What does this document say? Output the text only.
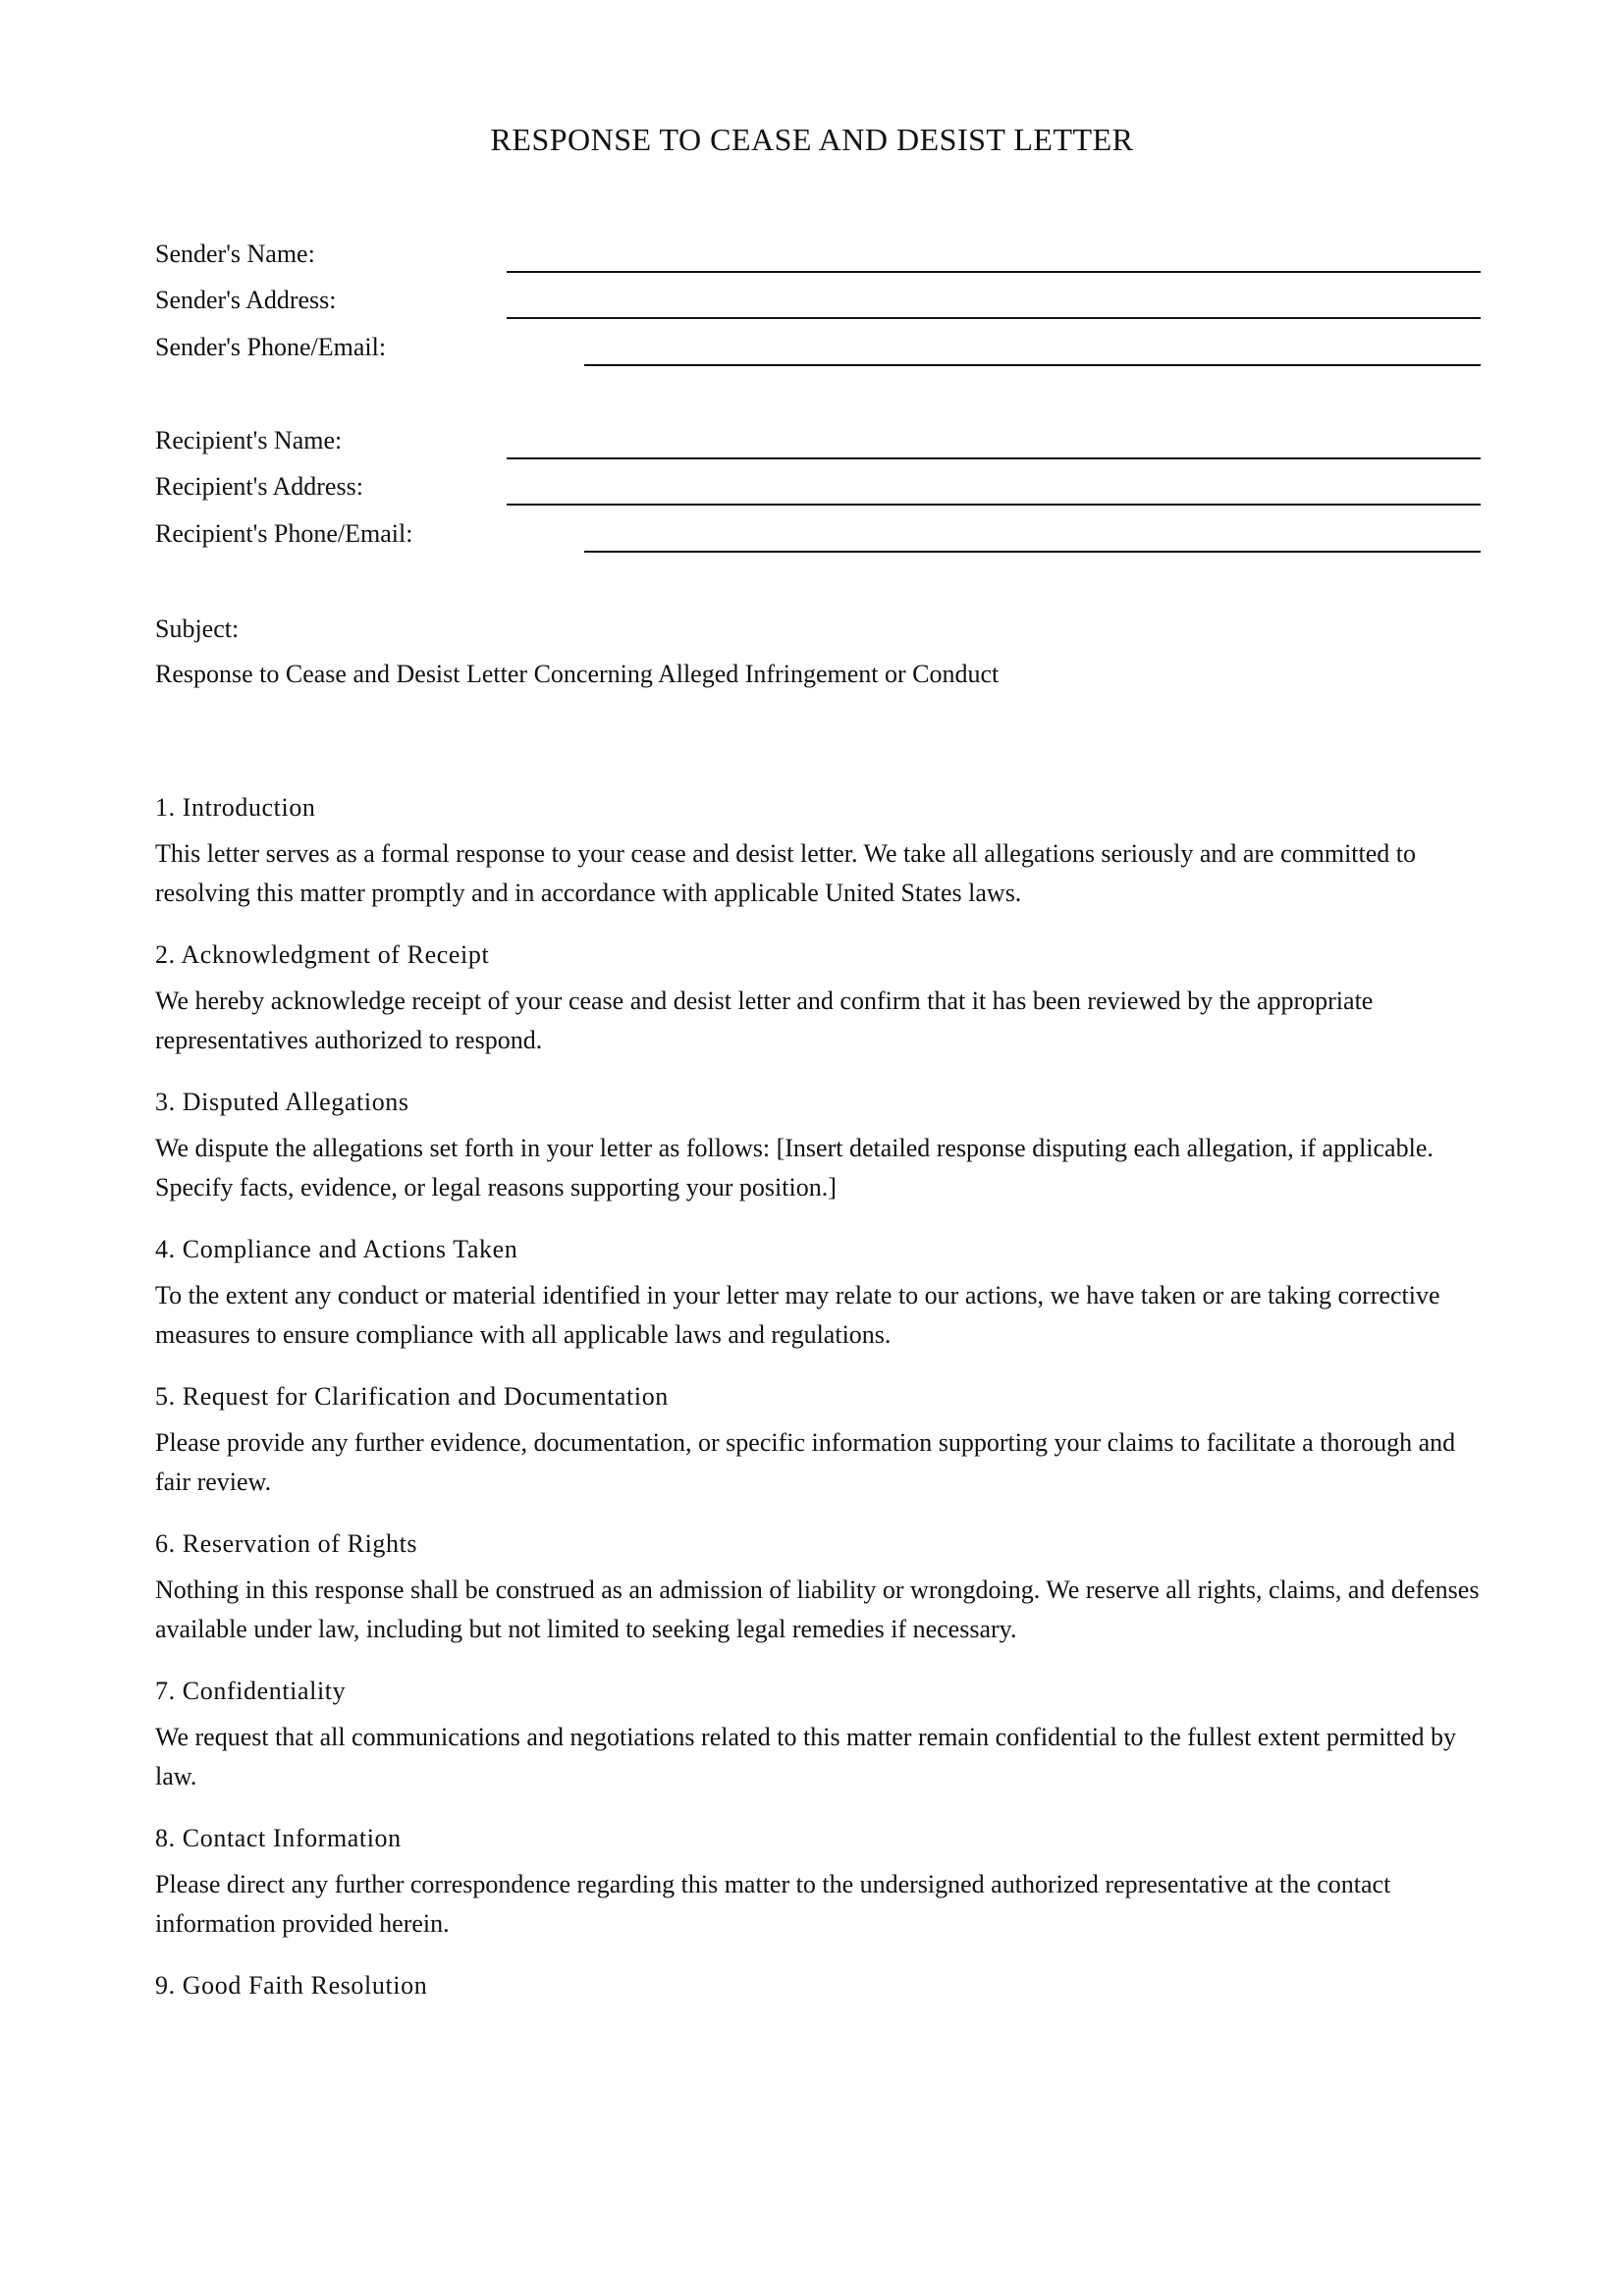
RESPONSE TO CEASE AND DESIST LETTER
Sender's Name:
Sender's Address:
Sender's Phone/Email:
Recipient's Name:
Recipient's Address:
Recipient's Phone/Email:
Subject:
Response to Cease and Desist Letter Concerning Alleged Infringement or Conduct
1. Introduction

This letter serves as a formal response to your cease and desist letter. We take all allegations seriously and are committed to resolving this matter promptly and in accordance with applicable United States laws.

2. Acknowledgment of Receipt

We hereby acknowledge receipt of your cease and desist letter and confirm that it has been reviewed by the appropriate representatives authorized to respond.

3. Disputed Allegations

We dispute the allegations set forth in your letter as follows: [Insert detailed response disputing each allegation, if applicable. Specify facts, evidence, or legal reasons supporting your position.]

4. Compliance and Actions Taken

To the extent any conduct or material identified in your letter may relate to our actions, we have taken or are taking corrective measures to ensure compliance with all applicable laws and regulations.

5. Request for Clarification and Documentation

Please provide any further evidence, documentation, or specific information supporting your claims to facilitate a thorough and fair review.

6. Reservation of Rights

Nothing in this response shall be construed as an admission of liability or wrongdoing. We reserve all rights, claims, and defenses available under law, including but not limited to seeking legal remedies if necessary.

7. Confidentiality

We request that all communications and negotiations related to this matter remain confidential to the fullest extent permitted by law.

8. Contact Information

Please direct any further correspondence regarding this matter to the undersigned authorized representative at the contact information provided herein.

9. Good Faith Resolution
